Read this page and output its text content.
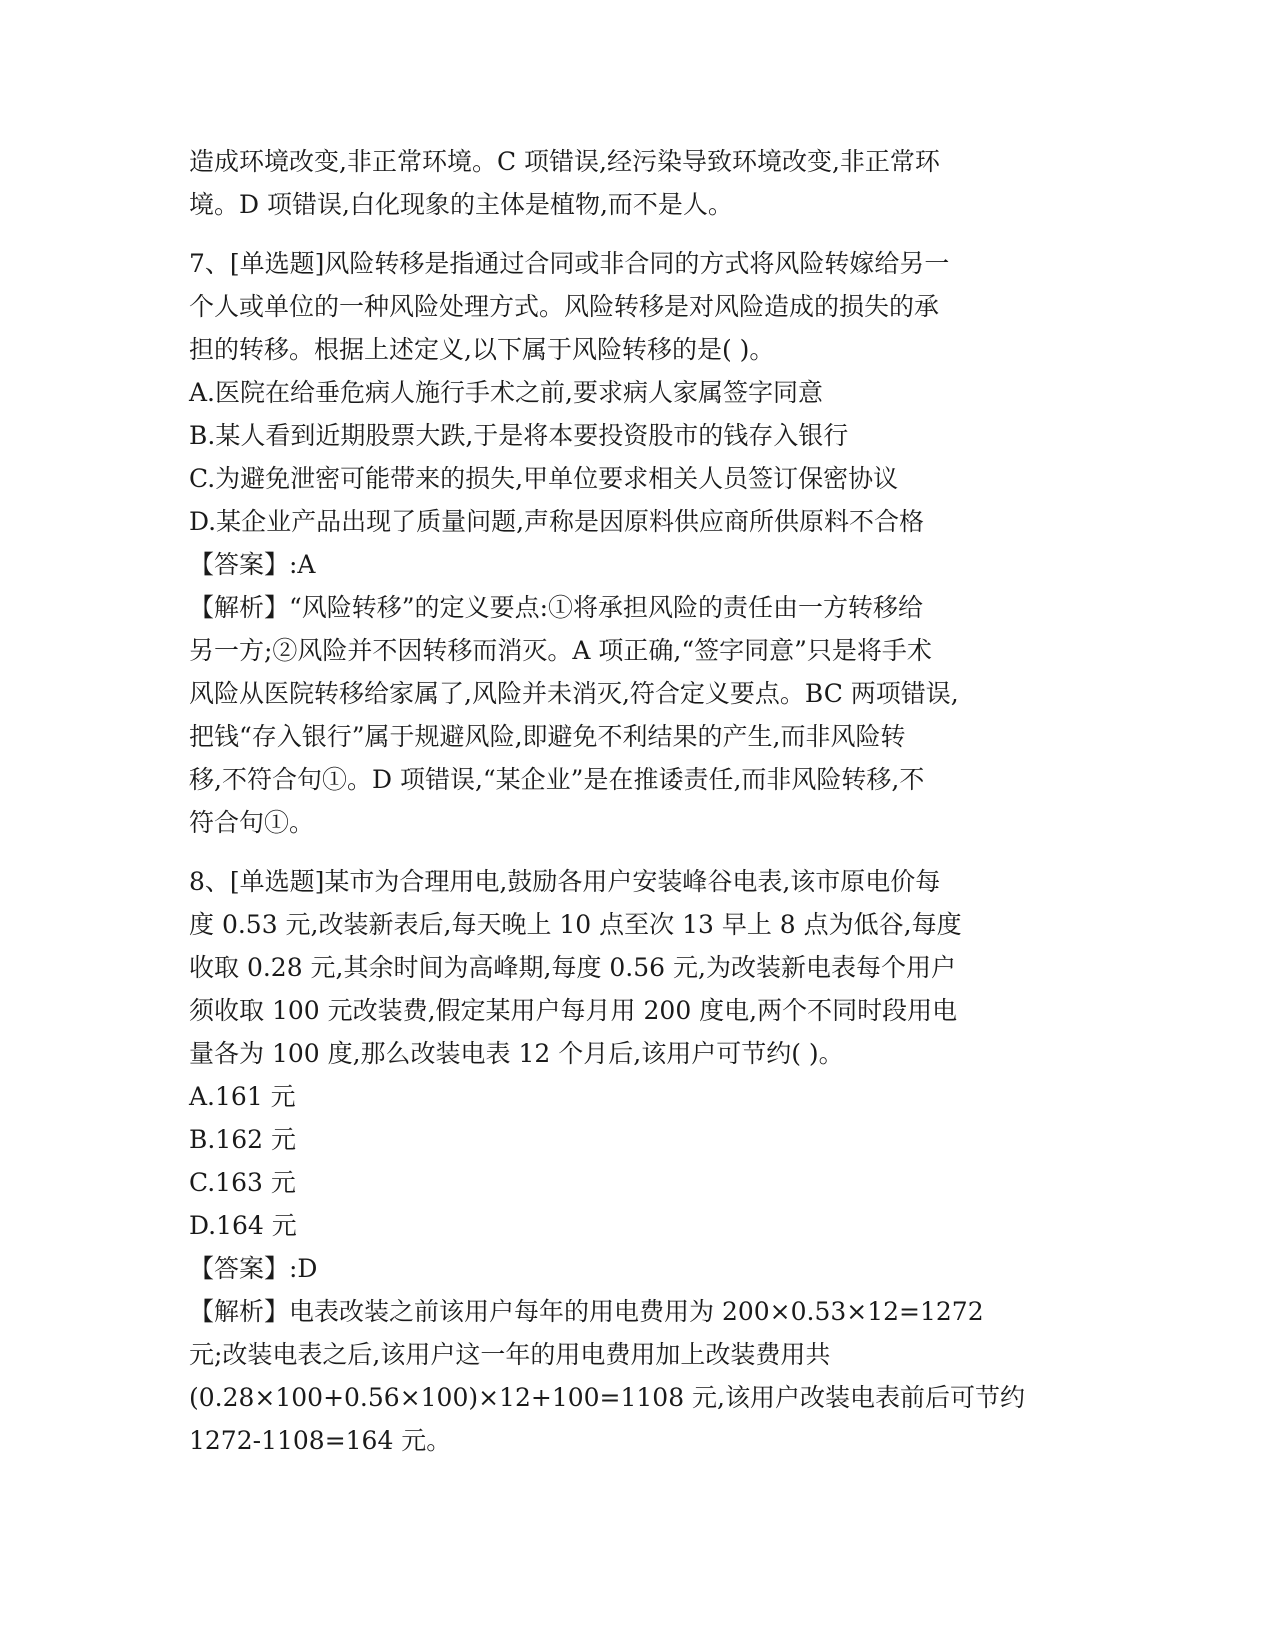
造成环境改变,非正常环境。C 项错误,经污染导致环境改变,非正常环
境。D 项错误,白化现象的主体是植物,而不是人。
7、[单选题]风险转移是指通过合同或非合同的方式将风险转嫁给另一
个人或单位的一种风险处理方式。风险转移是对风险造成的损失的承
担的转移。根据上述定义,以下属于风险转移的是( )。
A.医院在给垂危病人施行手术之前,要求病人家属签字同意
B.某人看到近期股票大跌,于是将本要投资股市的钱存入银行
C.为避免泄密可能带来的损失,甲单位要求相关人员签订保密协议
D.某企业产品出现了质量问题,声称是因原料供应商所供原料不合格
【答案】:A
【解析】“风险转移”的定义要点:①将承担风险的责任由一方转移给
另一方;②风险并不因转移而消灭。A 项正确,“签字同意”只是将手术
风险从医院转移给家属了,风险并未消灭,符合定义要点。BC 两项错误,
把钱“存入银行”属于规避风险,即避免不利结果的产生,而非风险转
移,不符合句①。D 项错误,“某企业”是在推诿责任,而非风险转移,不
符合句①。
8、[单选题]某市为合理用电,鼓励各用户安装峰谷电表,该市原电价每
度 0.53 元,改装新表后,每天晚上 10 点至次 13 早上 8 点为低谷,每度
收取 0.28 元,其余时间为高峰期,每度 0.56 元,为改装新电表每个用户
须收取 100 元改装费,假定某用户每月用 200 度电,两个不同时段用电
量各为 100 度,那么改装电表 12 个月后,该用户可节约( )。
A.161 元
B.162 元
C.163 元
D.164 元
【答案】:D
【解析】电表改装之前该用户每年的用电费用为 200×0.53×12=1272
元;改装电表之后,该用户这一年的用电费用加上改装费用共
(0.28×100+0.56×100)×12+100=1108 元,该用户改装电表前后可节约
1272-1108=164 元。
